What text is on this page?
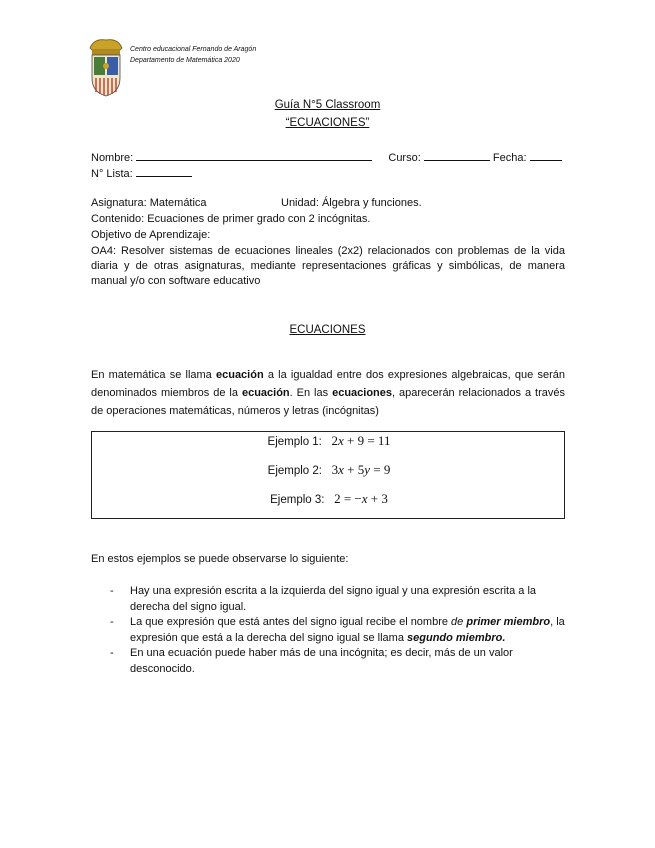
Centro educacional Fernando de Aragón
Departamento de Matemática 2020
Guía N°5 Classroom
“ECUACIONES”
Nombre:	Curso:	Fecha:
N° Lista:
Asignatura: Matemática	Unidad: Álgebra y funciones.
Contenido: Ecuaciones de primer grado con 2 incógnitas.
Objetivo de Aprendizaje:
OA4: Resolver sistemas de ecuaciones lineales (2x2) relacionados con problemas de la vida diaria y de otras asignaturas, mediante representaciones gráficas y simbólicas, de manera manual y/o con software educativo
ECUACIONES
En matemática se llama ecuación a la igualdad entre dos expresiones algebraicas, que serán denominados miembros de la ecuación. En las ecuaciones, aparecerán relacionados a través de operaciones matemáticas, números y letras (incógnitas)
Ejemplo 1: 2x + 9 = 11
Ejemplo 2: 3x + 5y = 9
Ejemplo 3: 2 = −x + 3
En estos ejemplos se puede observarse lo siguiente:

- Hay una expresión escrita a la izquierda del signo igual y una expresión escrita a la derecha del signo igual.

- La que expresión que está antes del signo igual recibe el nombre de primer miembro, la expresión que está a la derecha del signo igual se llama segundo miembro.

- En una ecuación puede haber más de una incógnita; es decir, más de un valor desconocido.
